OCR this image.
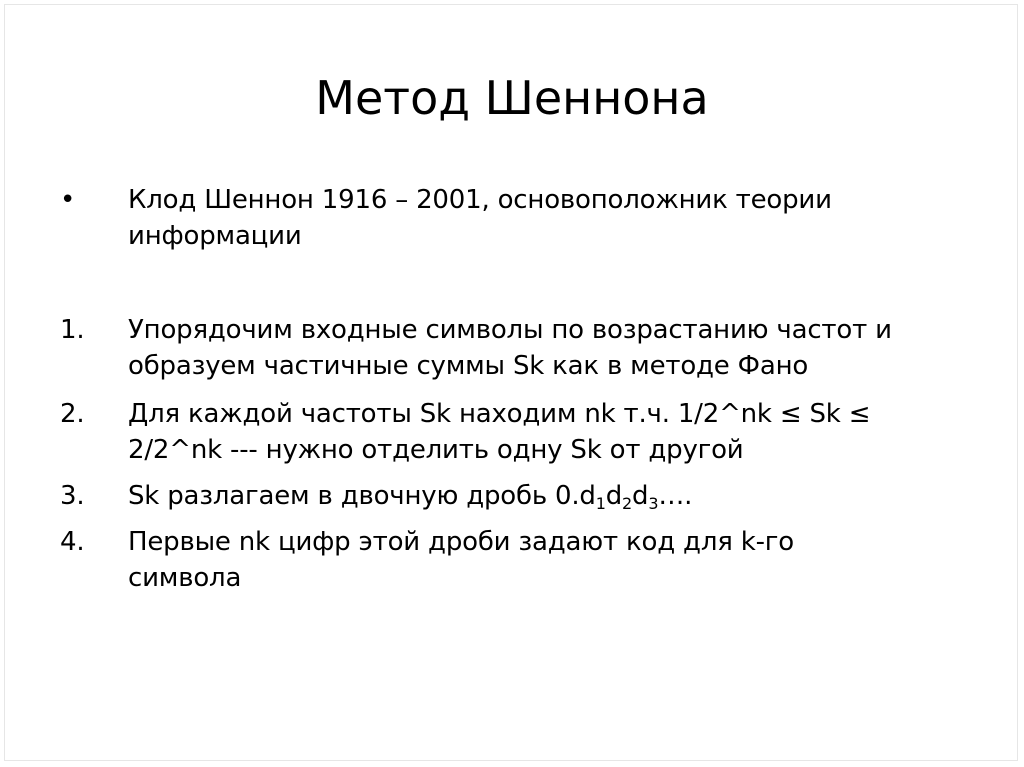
Метод Шеннона
•	Клод Шеннон 1916 – 2001, основоположник теории
информации
1.	Упорядочим входные символы по возрастанию частот и
образуем частичные суммы Sk как в методе Фано
2.	Для каждой частоты Sk находим nk т.ч. 1/2^nk ≤ Sk ≤
2/2^nk --- нужно отделить одну Sk от другой
3.	Sk разлагаем в двочную дробь $0.d_1d_2d_3\dots$.
4.	Первые nk цифр этой дроби задают код для k-го
символа
